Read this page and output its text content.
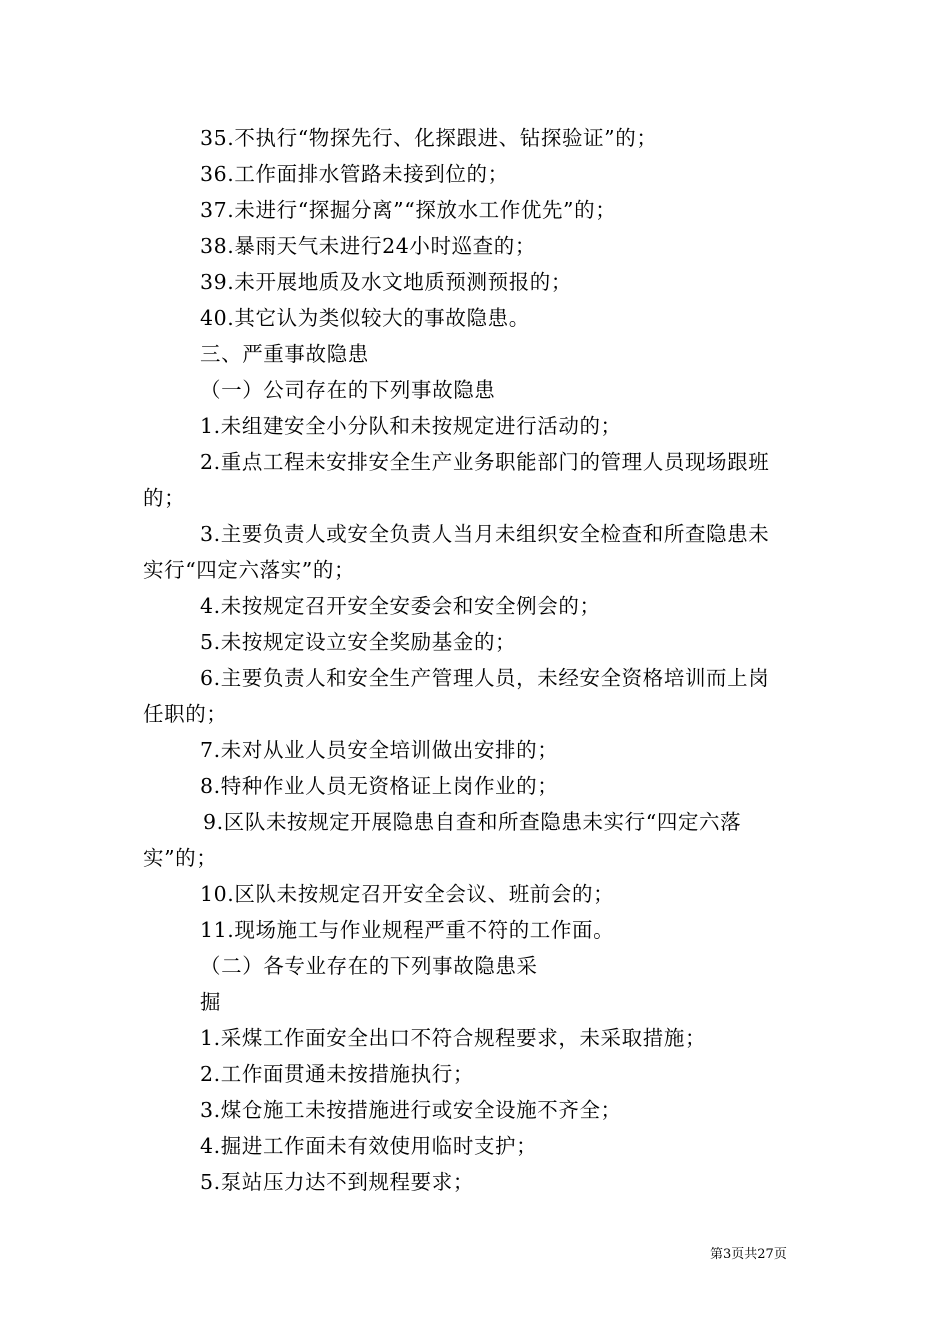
35.不执行“物探先行、化探跟进、钻探验证”的；
36.工作面排水管路未接到位的；
37.未进行“探掘分离”“探放水工作优先”的；
38.暴雨天气未进行24小时巡查的；
39.未开展地质及水文地质预测预报的；
40.其它认为类似较大的事故隐患。
三、严重事故隐患
（一）公司存在的下列事故隐患
1.未组建安全小分队和未按规定进行活动的；
2.重点工程未安排安全生产业务职能部门的管理人员现场跟班
的；
3.主要负责人或安全负责人当月未组织安全检查和所查隐患未
实行“四定六落实”的；
4.未按规定召开安全安委会和安全例会的；
5.未按规定设立安全奖励基金的；
6.主要负责人和安全生产管理人员，未经安全资格培训而上岗
任职的；
7.未对从业人员安全培训做出安排的；
8.特种作业人员无资格证上岗作业的；
9.区队未按规定开展隐患自查和所查隐患未实行“四定六落
实”的；
10.区队未按规定召开安全会议、班前会的；
11.现场施工与作业规程严重不符的工作面。
（二）各专业存在的下列事故隐患采
掘
1.采煤工作面安全出口不符合规程要求，未采取措施；
2.工作面贯通未按措施执行；
3.煤仓施工未按措施进行或安全设施不齐全；
4.掘进工作面未有效使用临时支护；
5.泵站压力达不到规程要求；
第3页共27页
